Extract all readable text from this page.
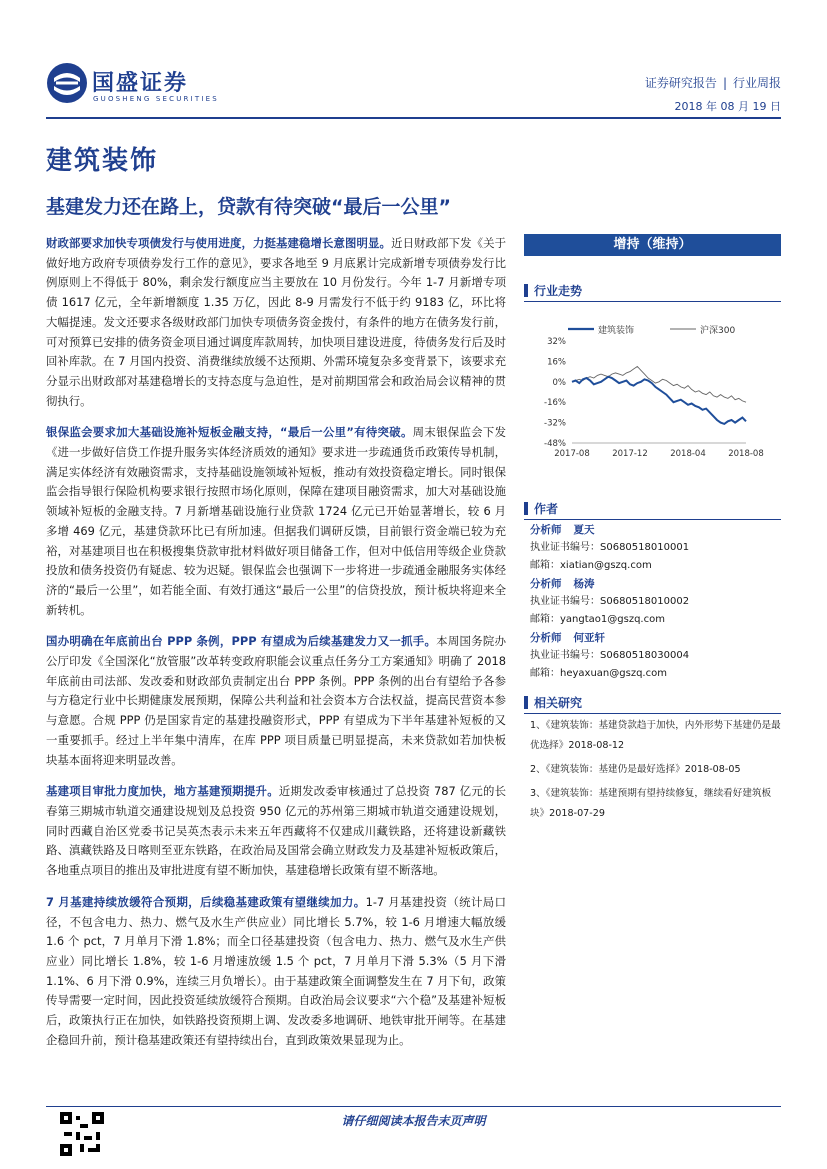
国盛证券
GUOSHENG SECURITIES
证券研究报告 | 行业周报
2018 年 08 月 19 日
建筑装饰
基建发力还在路上，贷款有待突破“最后一公里”

财政部要求加快专项债发行与使用进度，力挺基建稳增长意图明显。近日财政部下发《关于做好地方政府专项债券发行工作的意见》，要求各地至 9 月底累计完成新增专项债券发行比例原则上不得低于 80%，剩余发行额度应当主要放在 10 月份发行。今年 1-7 月新增专项债 1617 亿元，全年新增额度 1.35 万亿，因此 8-9 月需发行不低于约 9183 亿，环比将大幅提速。发文还要求各级财政部门加快专项债务资金拨付，有条件的地方在债务发行前，可对预算已安排的债务资金项目通过调度库款周转，加快项目建设进度，待债务发行后及时回补库款。在 7 月国内投资、消费继续放缓不达预期、外需环境复杂多变背景下，该要求充分显示出财政部对基建稳增长的支持态度与急迫性，是对前期国常会和政治局会议精神的贯彻执行。

银保监会要求加大基础设施补短板金融支持，“最后一公里”有待突破。周末银保监会下发《进一步做好信贷工作提升服务实体经济质效的通知》要求进一步疏通货币政策传导机制，满足实体经济有效融资需求，支持基础设施领域补短板，推动有效投资稳定增长。同时银保监会指导银行保险机构要求银行按照市场化原则，保障在建项目融资需求，加大对基础设施领域补短板的金融支持。7 月新增基础设施行业贷款 1724 亿元已开始显著增长，较 6 月多增 469 亿元，基建贷款环比已有所加速。但据我们调研反馈，目前银行资金端已较为充裕，对基建项目也在积极搜集贷款审批材料做好项目储备工作，但对中低信用等级企业贷款投放和债务投资仍有疑虑、较为迟疑。银保监会也强调下一步将进一步疏通金融服务实体经济的“最后一公里”，如若能全面、有效打通这“最后一公里”的信贷投放，预计板块将迎来全新转机。

国办明确在年底前出台 PPP 条例，PPP 有望成为后续基建发力又一抓手。本周国务院办公厅印发《全国深化“放管服”改革转变政府职能会议重点任务分工方案通知》明确了 2018 年底前由司法部、发改委和财政部负责制定出台 PPP 条例。PPP 条例的出台有望给予各参与方稳定行业中长期健康发展预期，保障公共利益和社会资本方合法权益，提高民营资本参与意愿。合规 PPP 仍是国家肯定的基建投融资形式，PPP 有望成为下半年基建补短板的又一重要抓手。经过上半年集中清库，在库 PPP 项目质量已明显提高，未来贷款如若加快板块基本面将迎来明显改善。

基建项目审批力度加快，地方基建预期提升。近期发改委审核通过了总投资 787 亿元的长春第三期城市轨道交通建设规划及总投资 950 亿元的苏州第三期城市轨道交通建设规划，同时西藏自治区党委书记吴英杰表示未来五年西藏将不仅建成川藏铁路，还将建设新藏铁路、滇藏铁路及日喀则至亚东铁路，在政治局及国常会确立财政发力及基建补短板政策后，各地重点项目的推出及审批进度有望不断加快，基建稳增长政策有望不断落地。

7 月基建持续放缓符合预期，后续稳基建政策有望继续加力。1-7 月基建投资（统计局口径，不包含电力、热力、燃气及水生产供应业）同比增长 5.7%，较 1-6 月增速大幅放缓 1.6 个 pct，7 月单月下滑 1.8%；而全口径基建投资（包含电力、热力、燃气及水生产供应业）同比增长 1.8%，较 1-6 月增速放缓 1.5 个 pct，7 月单月下滑 5.3%（5 月下滑 1.1%、6 月下滑 0.9%，连续三月负增长）。由于基建政策全面调整发生在 7 月下旬，政策传导需要一定时间，因此投资延续放缓符合预期。自政治局会议要求“六个稳”及基建补短板后，政策执行正在加快，如铁路投资预期上调、发改委多地调研、地铁审批开闸等。在基建企稳回升前，预计稳基建政策还有望持续出台，直到政策效果显现为止。

增持（维持）
行业走势
建筑装饰	沪深300
32%
16%
0%
-16%
-32%
-48%
2017-08	2017-12	2018-04	2018-08
作者
分析师 夏天
执业证书编号：S0680518010001
邮箱：xiatian@gszq.com
分析师 杨涛
执业证书编号：S0680518010002
邮箱：yangtao1@gszq.com
分析师 何亚轩
执业证书编号：S0680518030004
邮箱：heyaxuan@gszq.com
相关研究
1、《建筑装饰：基建贷款趋于加快，内外形势下基建仍是最优选择》2018-08-12
2、《建筑装饰：基建仍是最好选择》2018-08-05
3、《建筑装饰：基建预期有望持续修复，继续看好建筑板块》2018-07-29
请仔细阅读本报告末页声明
